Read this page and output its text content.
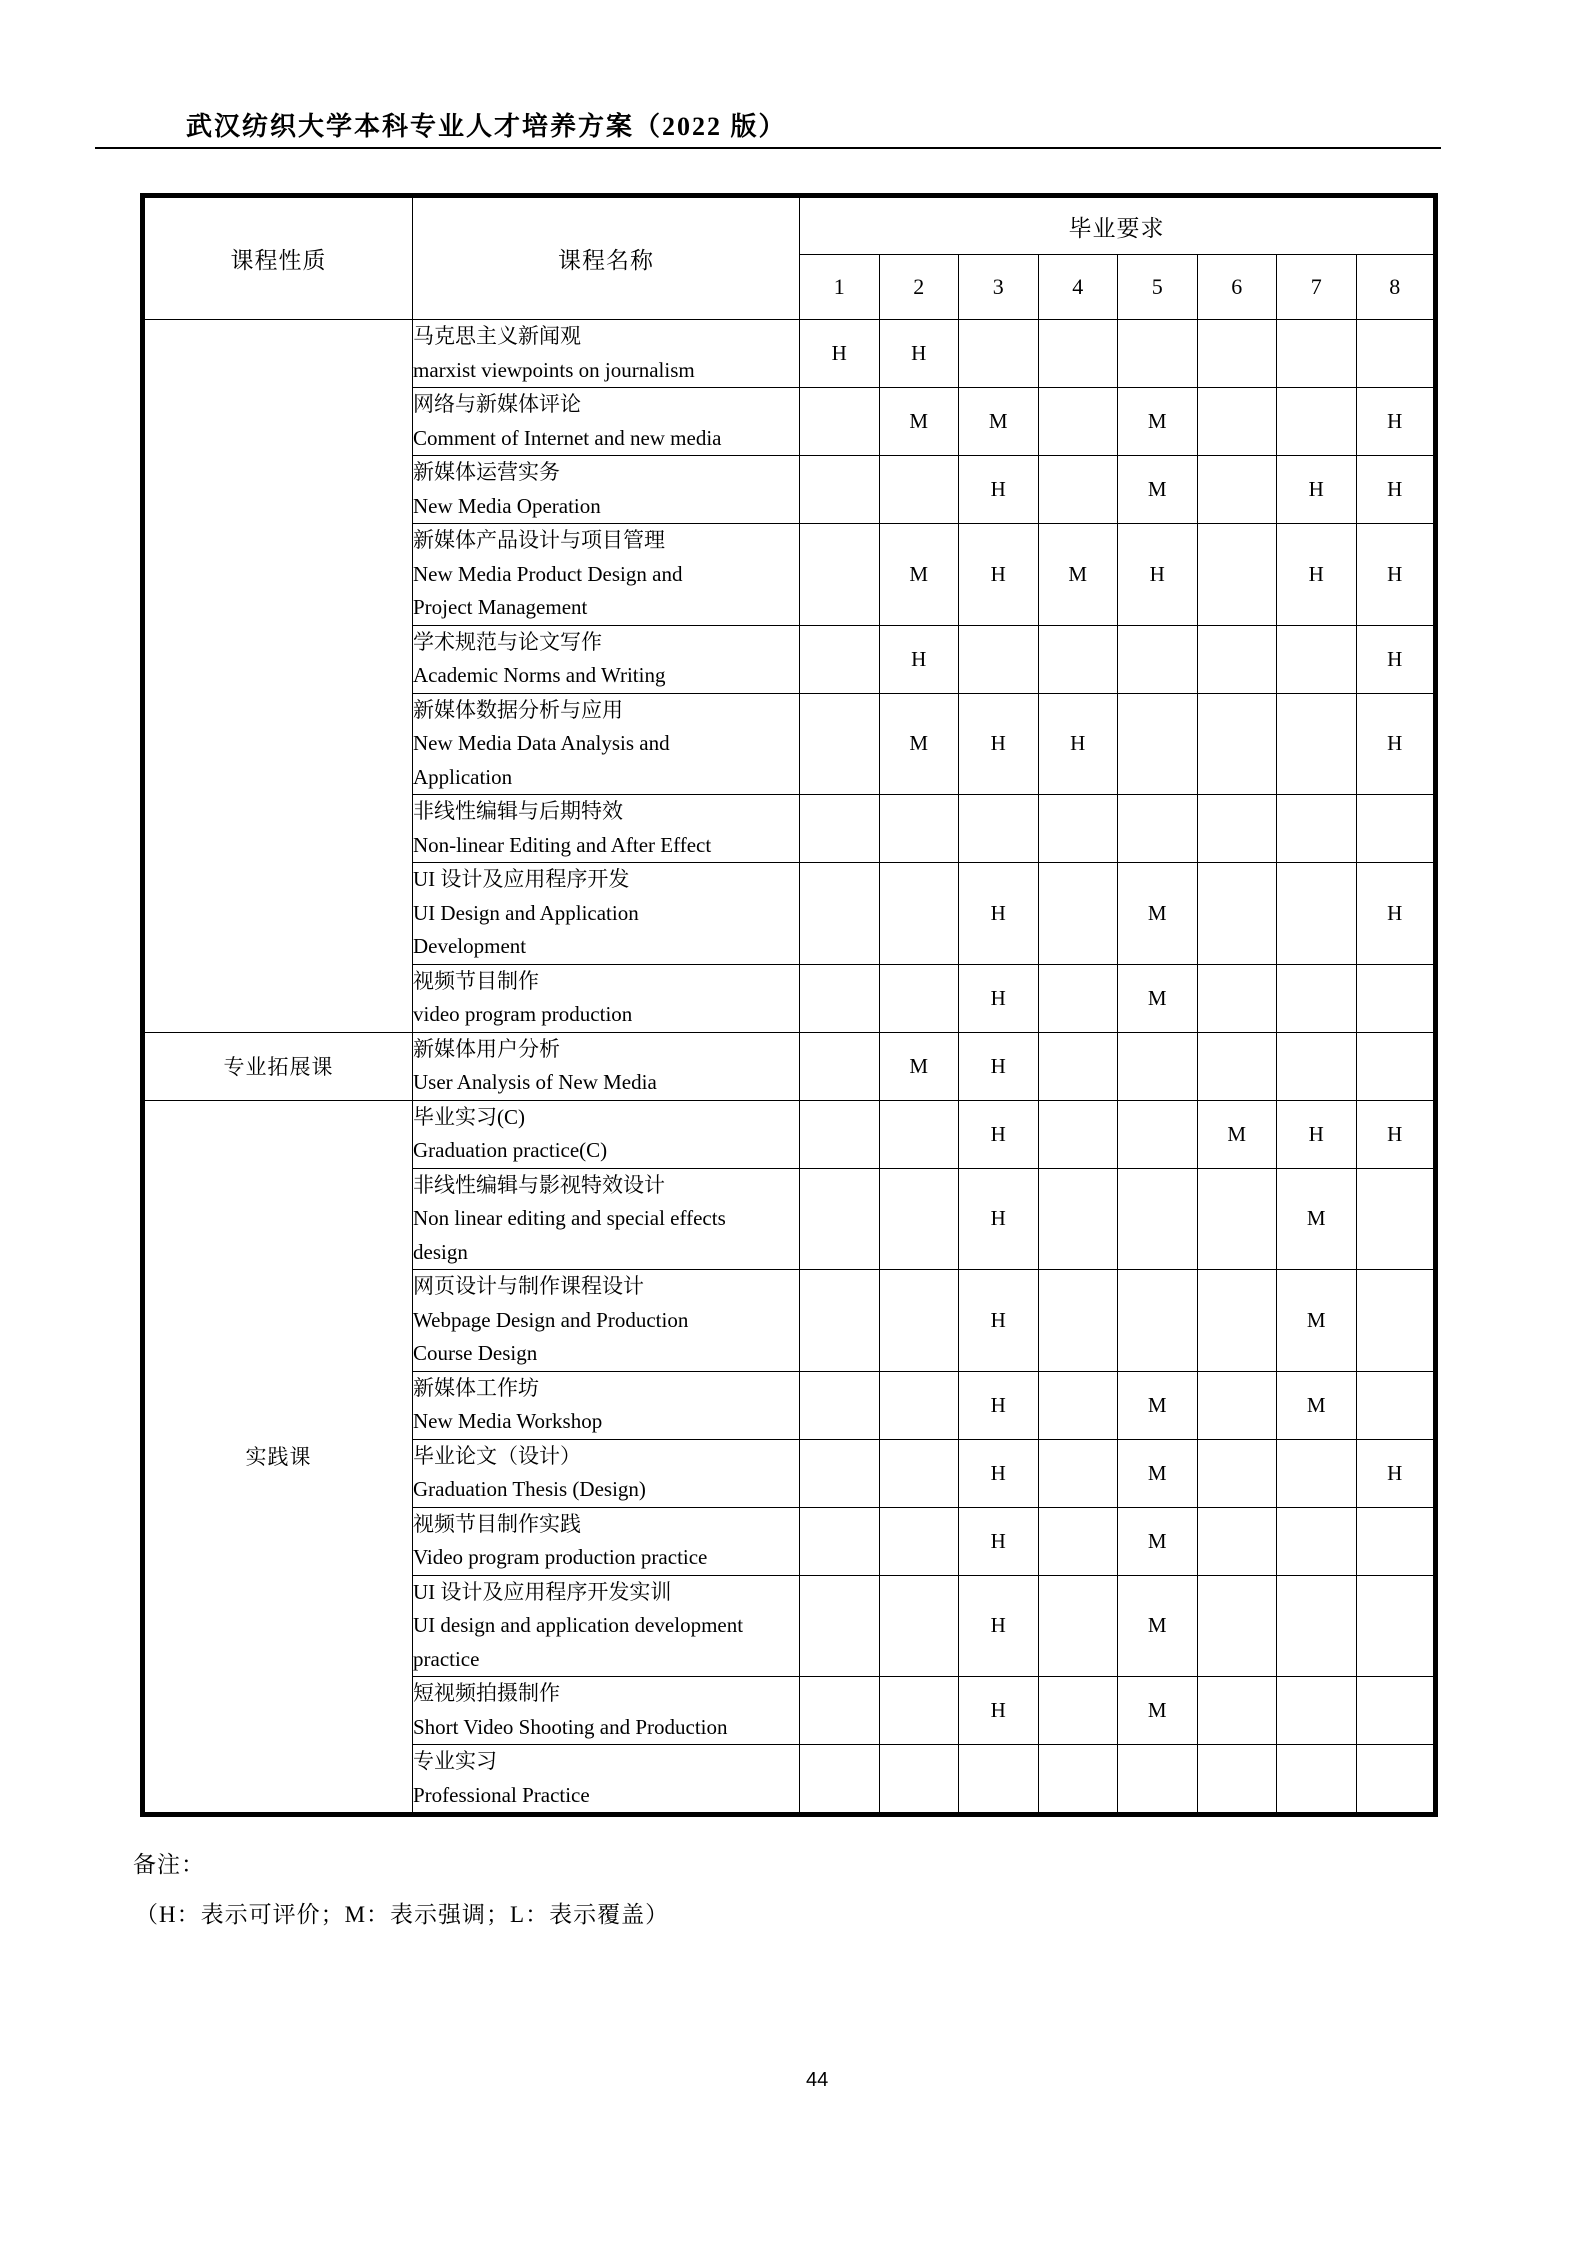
武汉纺织大学本科专业人才培养方案（2022 版）
课程性质	课程名称	毕业要求							
		1	2	3	4	5	6	7	8

	马克思主义新闻观
marxist viewpoints on journalism	H	H						

	网络与新媒体评论
Comment of Internet and new media		M	M		M			H

	新媒体运营实务
New Media Operation			H		M		H	H

	新媒体产品设计与项目管理
New Media Product Design and
Project Management		M	H	M	H		H	H

	学术规范与论文写作
Academic Norms and Writing		H						H

	新媒体数据分析与应用
New Media Data Analysis and
Application		M	H	H				H

	非线性编辑与后期特效
Non-linear Editing and After Effect								

	UI 设计及应用程序开发
UI Design and Application
Development			H		M			H

	视频节目制作
video program production			H		M			
专业拓展课	新媒体用户分析
User Analysis of New Media		M	H					
实践课	毕业实习(C)
Graduation practice(C)			H			M	H	H

	非线性编辑与影视特效设计
Non linear editing and special effects
design			H				M	

	网页设计与制作课程设计
Webpage Design and Production
Course Design			H				M	

	新媒体工作坊
New Media Workshop			H		M		M	

	毕业论文（设计）
Graduation Thesis (Design)			H		M			H

	视频节目制作实践
Video program production practice			H		M			

	UI 设计及应用程序开发实训
UI design and application development
practice			H		M			

	短视频拍摄制作
Short Video Shooting and Production			H		M			

	专业实习
Professional Practice								

备注：
（H：表示可评价；M：表示强调；L：表示覆盖）
44
